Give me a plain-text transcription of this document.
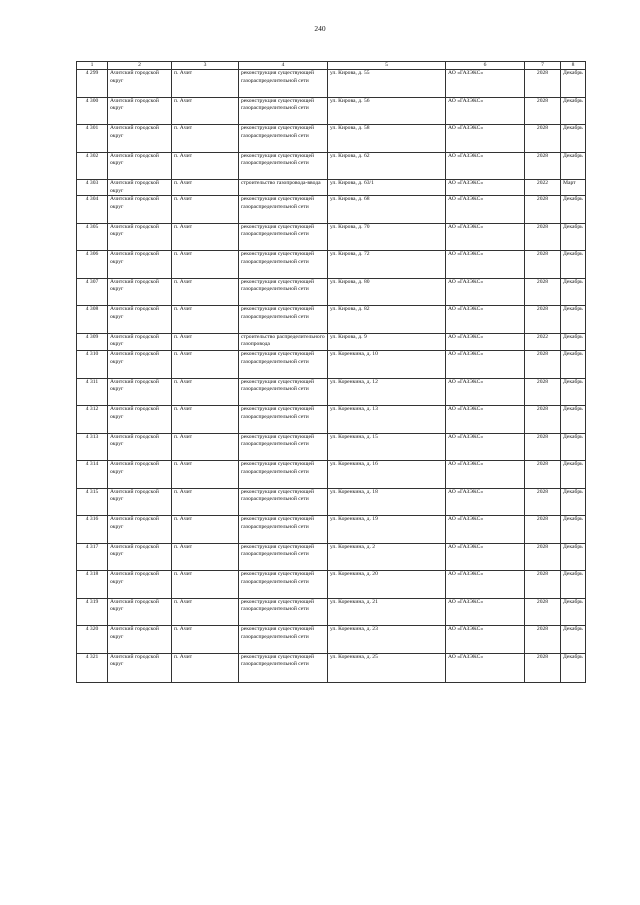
240
1	2	3	4	5	6	7	8
4 299	Ачитский городской округ	п. Ачит	реконструкция существующей газораспределительной сети	ул. Кирова, д. 55	АО «ГАЗЭКС»	2028	Декабрь
4 300	Ачитский городской округ	п. Ачит	реконструкция существующей газораспределительной сети	ул. Кирова, д. 56	АО «ГАЗЭКС»	2028	Декабрь
4 301	Ачитский городской округ	п. Ачит	реконструкция существующей газораспределительной сети	ул. Кирова, д. 58	АО «ГАЗЭКС»	2028	Декабрь
4 302	Ачитский городской округ	п. Ачит	реконструкция существующей газораспределительной сети	ул. Кирова, д. 62	АО «ГАЗЭКС»	2028	Декабрь
4 303	Ачитский городской округ	п. Ачит	строительство газопровода-ввода	ул. Кирова, д. 63/1	АО «ГАЗЭКС»	2022	Март
4 304	Ачитский городской округ	п. Ачит	реконструкция существующей газораспределительной сети	ул. Кирова, д. 68	АО «ГАЗЭКС»	2028	Декабрь
4 305	Ачитский городской округ	п. Ачит	реконструкция существующей газораспределительной сети	ул. Кирова, д. 70	АО «ГАЗЭКС»	2028	Декабрь
4 306	Ачитский городской округ	п. Ачит	реконструкция существующей газораспределительной сети	ул. Кирова, д. 72	АО «ГАЗЭКС»	2028	Декабрь
4 307	Ачитский городской округ	п. Ачит	реконструкция существующей газораспределительной сети	ул. Кирова, д. 80	АО «ГАЗЭКС»	2028	Декабрь
4 308	Ачитский городской округ	п. Ачит	реконструкция существующей газораспределительной сети	ул. Кирова, д. 82	АО «ГАЗЭКС»	2028	Декабрь
4 309	Ачитский городской округ	п. Ачит	строительство распределительного газопровода	ул. Кирова, д. 9	АО «ГАЗЭКС»	2022	Декабрь
4 310	Ачитский городской округ	п. Ачит	реконструкция существующей газораспределительной сети	ул. Коренкина, д. 10	АО «ГАЗЭКС»	2028	Декабрь
4 311	Ачитский городской округ	п. Ачит	реконструкция существующей газораспределительной сети	ул. Коренкина, д. 12	АО «ГАЗЭКС»	2028	Декабрь
4 312	Ачитский городской округ	п. Ачит	реконструкция существующей газораспределительной сети	ул. Коренкина, д. 13	АО «ГАЗЭКС»	2028	Декабрь
4 313	Ачитский городской округ	п. Ачит	реконструкция существующей газораспределительной сети	ул. Коренкина, д. 15	АО «ГАЗЭКС»	2028	Декабрь
4 314	Ачитский городской округ	п. Ачит	реконструкция существующей газораспределительной сети	ул. Коренкина, д. 16	АО «ГАЗЭКС»	2028	Декабрь
4 315	Ачитский городской округ	п. Ачит	реконструкция существующей газораспределительной сети	ул. Коренкина, д. 18	АО «ГАЗЭКС»	2028	Декабрь
4 316	Ачитский городской округ	п. Ачит	реконструкция существующей газораспределительной сети	ул. Коренкина, д. 19	АО «ГАЗЭКС»	2028	Декабрь
4 317	Ачитский городской округ	п. Ачит	реконструкция существующей газораспределительной сети	ул. Коренкина, д. 2	АО «ГАЗЭКС»	2028	Декабрь
4 318	Ачитский городской округ	п. Ачит	реконструкция существующей газораспределительной сети	ул. Коренкина, д. 20	АО «ГАЗЭКС»	2028	Декабрь
4 319	Ачитский городской округ	п. Ачит	реконструкция существующей газораспределительной сети	ул. Коренкина, д. 21	АО «ГАЗЭКС»	2028	Декабрь
4 320	Ачитский городской округ	п. Ачит	реконструкция существующей газораспределительной сети	ул. Коренкина, д. 23	АО «ГАЗЭКС»	2028	Декабрь
4 321	Ачитский городской округ	п. Ачит	реконструкция существующей газораспределительной сети	ул. Коренкина, д. 25	АО «ГАЗЭКС»	2028	Декабрь
